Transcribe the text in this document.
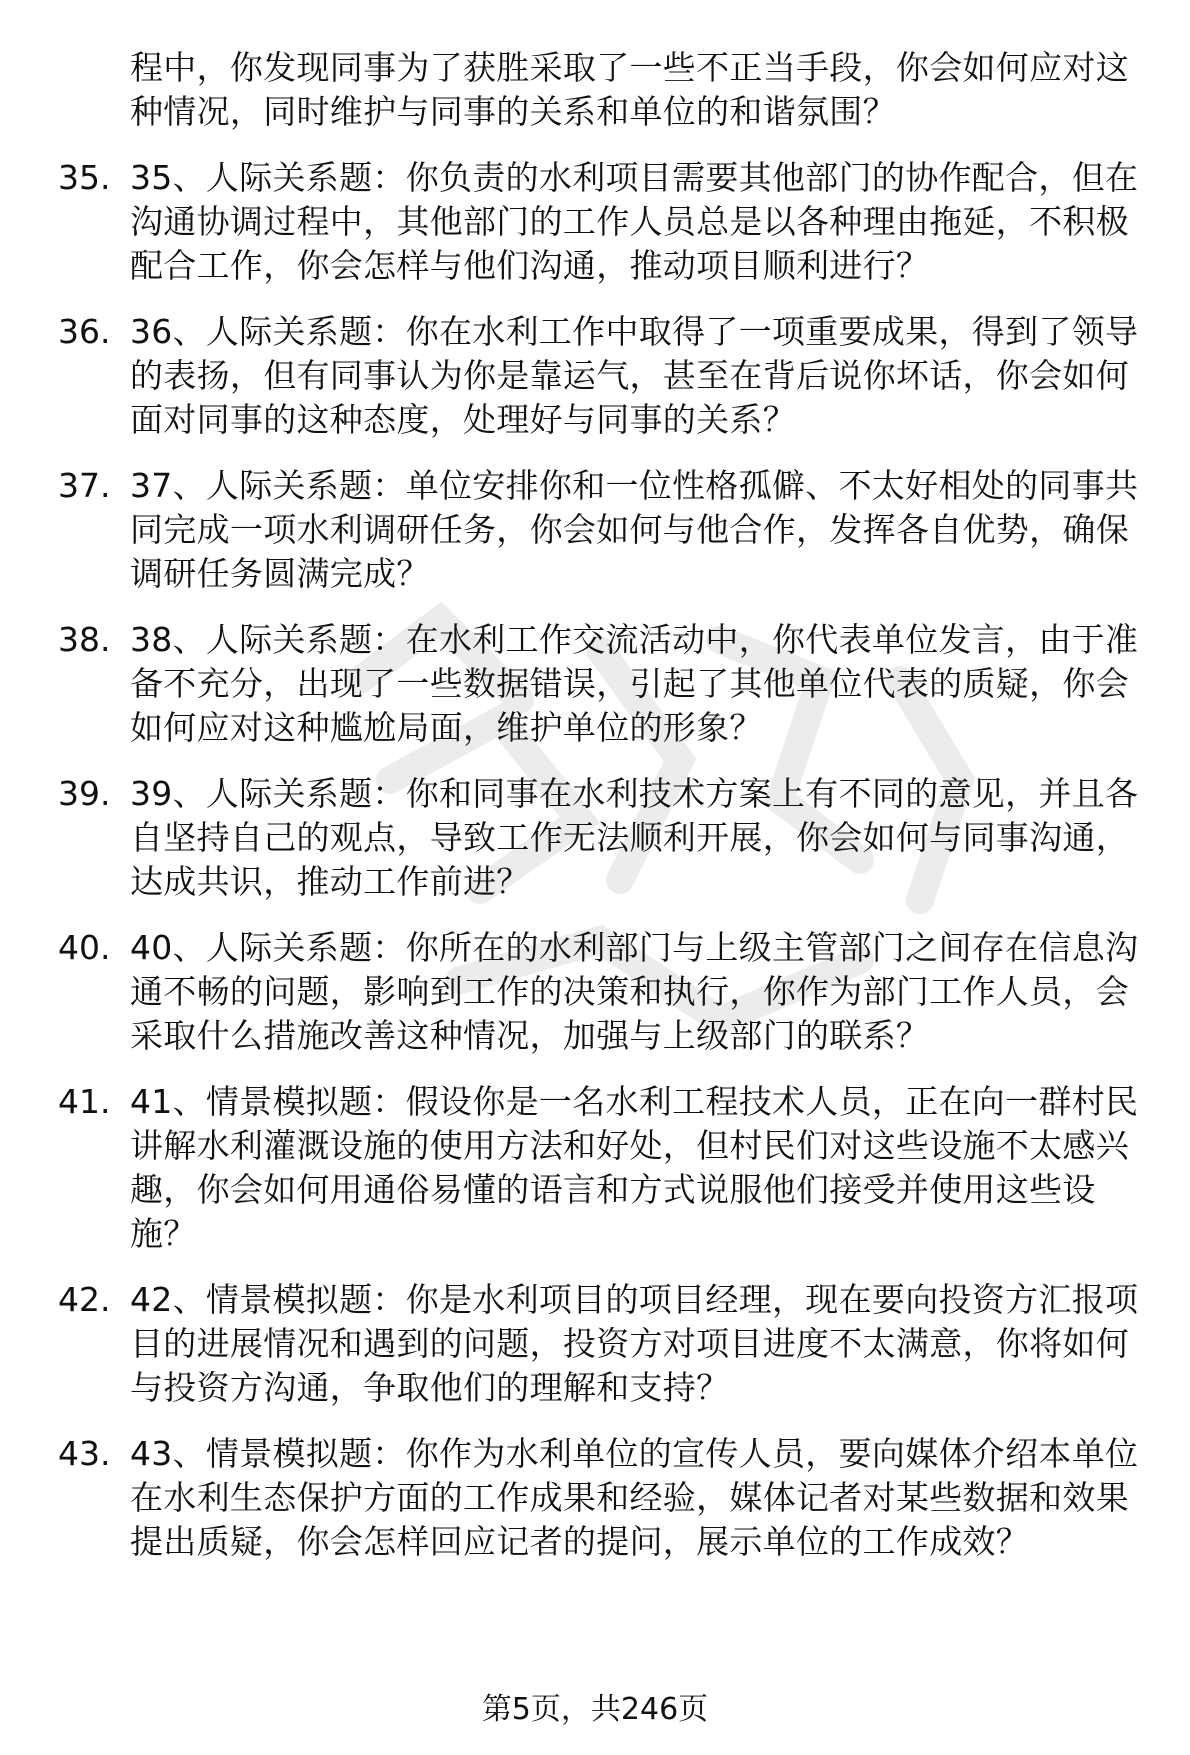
程中，你发现同事为了获胜采取了一些不正当手段，你会如何应对这种情况，同时维护与同事的关系和单位的和谐氛围？

35. 35、人际关系题：你负责的水利项目需要其他部门的协作配合，但在沟通协调过程中，其他部门的工作人员总是以各种理由拖延，不积极配合工作，你会怎样与他们沟通，推动项目顺利进行？
36. 36、人际关系题：你在水利工作中取得了一项重要成果，得到了领导的表扬，但有同事认为你是靠运气，甚至在背后说你坏话，你会如何面对同事的这种态度，处理好与同事的关系？
37. 37、人际关系题：单位安排你和一位性格孤僻、不太好相处的同事共同完成一项水利调研任务，你会如何与他合作，发挥各自优势，确保调研任务圆满完成？
38. 38、人际关系题：在水利工作交流活动中，你代表单位发言，由于准备不充分，出现了一些数据错误，引起了其他单位代表的质疑，你会如何应对这种尴尬局面，维护单位的形象？
39. 39、人际关系题：你和同事在水利技术方案上有不同的意见，并且各自坚持自己的观点，导致工作无法顺利开展，你会如何与同事沟通，达成共识，推动工作前进？
40. 40、人际关系题：你所在的水利部门与上级主管部门之间存在信息沟通不畅的问题，影响到工作的决策和执行，你作为部门工作人员，会采取什么措施改善这种情况，加强与上级部门的联系？
41. 41、情景模拟题：假设你是一名水利工程技术人员，正在向一群村民讲解水利灌溉设施的使用方法和好处，但村民们对这些设施不太感兴趣，你会如何用通俗易懂的语言和方式说服他们接受并使用这些设施？
42. 42、情景模拟题：你是水利项目的项目经理，现在要向投资方汇报项目的进展情况和遇到的问题，投资方对项目进度不太满意，你将如何与投资方沟通，争取他们的理解和支持？
43. 43、情景模拟题：你作为水利单位的宣传人员，要向媒体介绍本单位在水利生态保护方面的工作成果和经验，媒体记者对某些数据和效果提出质疑，你会怎样回应记者的提问，展示单位的工作成效？
第5页，共246页
